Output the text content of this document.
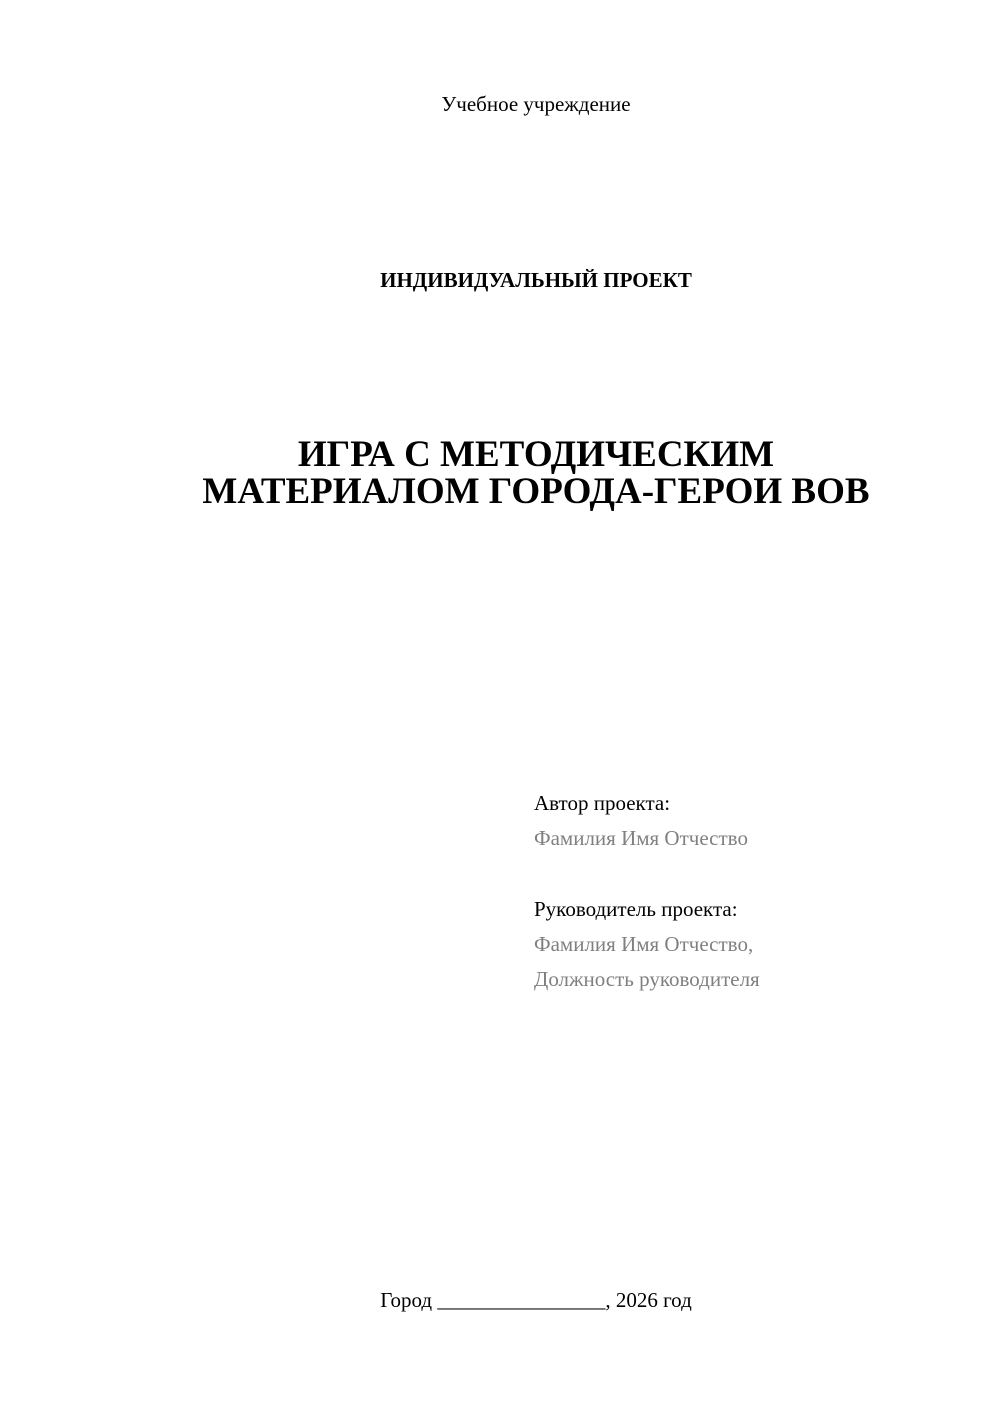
Учебное учреждение
ИНДИВИДУАЛЬНЫЙ ПРОЕКТ
ИГРА С МЕТОДИЧЕСКИМ
МАТЕРИАЛОМ ГОРОДА-ГЕРОИ ВОВ
Автор проекта:
Фамилия Имя Отчество
Руководитель проекта:
Фамилия Имя Отчество,
Должность руководителя
Город ________________, 2026 год
